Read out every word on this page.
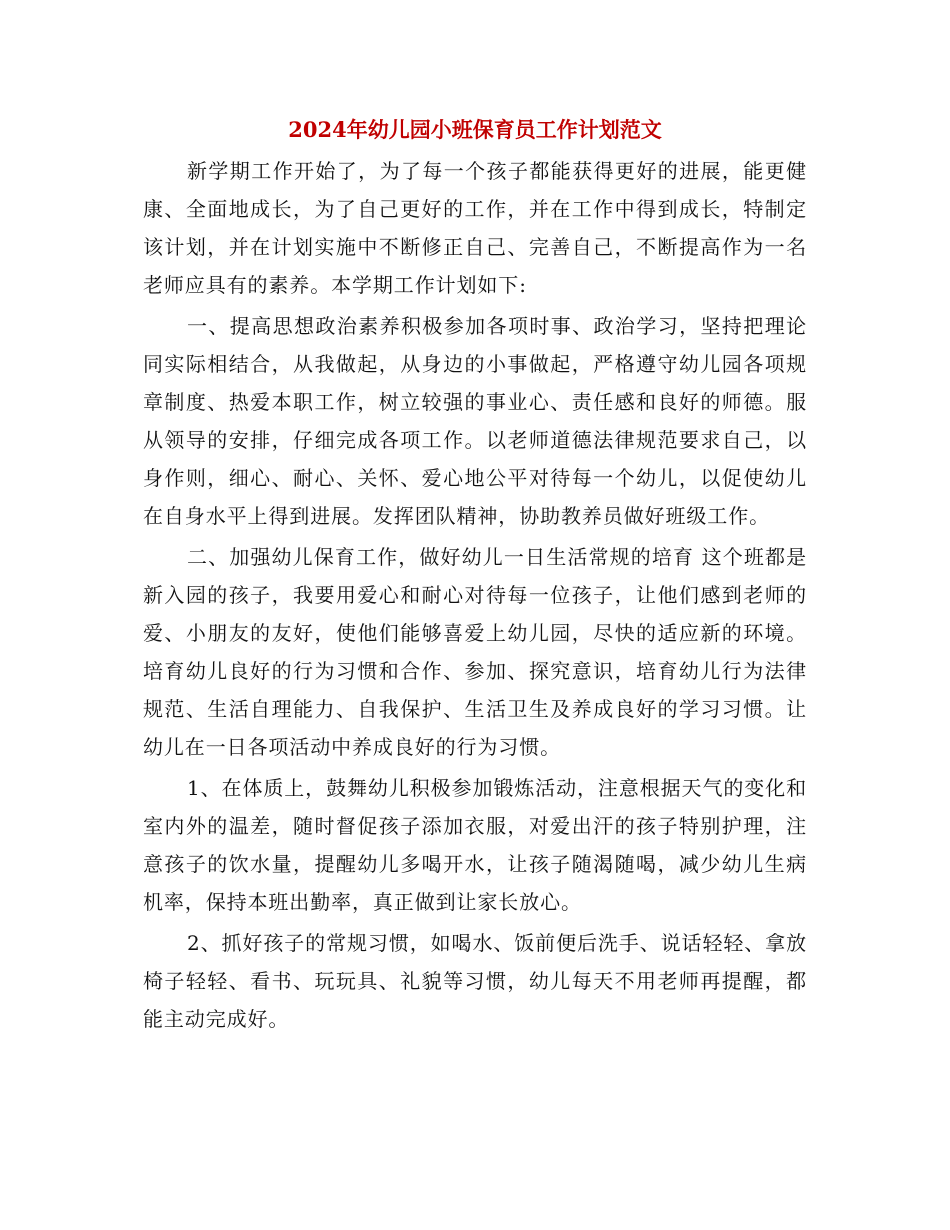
2024年幼儿园小班保育员工作计划范文

新学期工作开始了，为了每一个孩子都能获得更好的进展，能更健康、全面地成长，为了自己更好的工作，并在工作中得到成长，特制定该计划，并在计划实施中不断修正自己、完善自己，不断提高作为一名老师应具有的素养。本学期工作计划如下:

一、提高思想政治素养积极参加各项时事、政治学习，坚持把理论同实际相结合，从我做起，从身边的小事做起，严格遵守幼儿园各项规章制度、热爱本职工作，树立较强的事业心、责任感和良好的师德。服从领导的安排，仔细完成各项工作。以老师道德法律规范要求自己，以身作则，细心、耐心、关怀、爱心地公平对待每一个幼儿，以促使幼儿在自身水平上得到进展。发挥团队精神，协助教养员做好班级工作。

二、加强幼儿保育工作，做好幼儿一日生活常规的培育 这个班都是新入园的孩子，我要用爱心和耐心对待每一位孩子，让他们感到老师的爱、小朋友的友好，使他们能够喜爱上幼儿园，尽快的适应新的环境。培育幼儿良好的行为习惯和合作、参加、探究意识，培育幼儿行为法律规范、生活自理能力、自我保护、生活卫生及养成良好的学习习惯。让幼儿在一日各项活动中养成良好的行为习惯。

1、在体质上，鼓舞幼儿积极参加锻炼活动，注意根据天气的变化和室内外的温差，随时督促孩子添加衣服，对爱出汗的孩子特别护理，注意孩子的饮水量，提醒幼儿多喝开水，让孩子随渴随喝，减少幼儿生病机率，保持本班出勤率，真正做到让家长放心。

2、抓好孩子的常规习惯，如喝水、饭前便后洗手、说话轻轻、拿放椅子轻轻、看书、玩玩具、礼貌等习惯，幼儿每天不用老师再提醒，都能主动完成好。
